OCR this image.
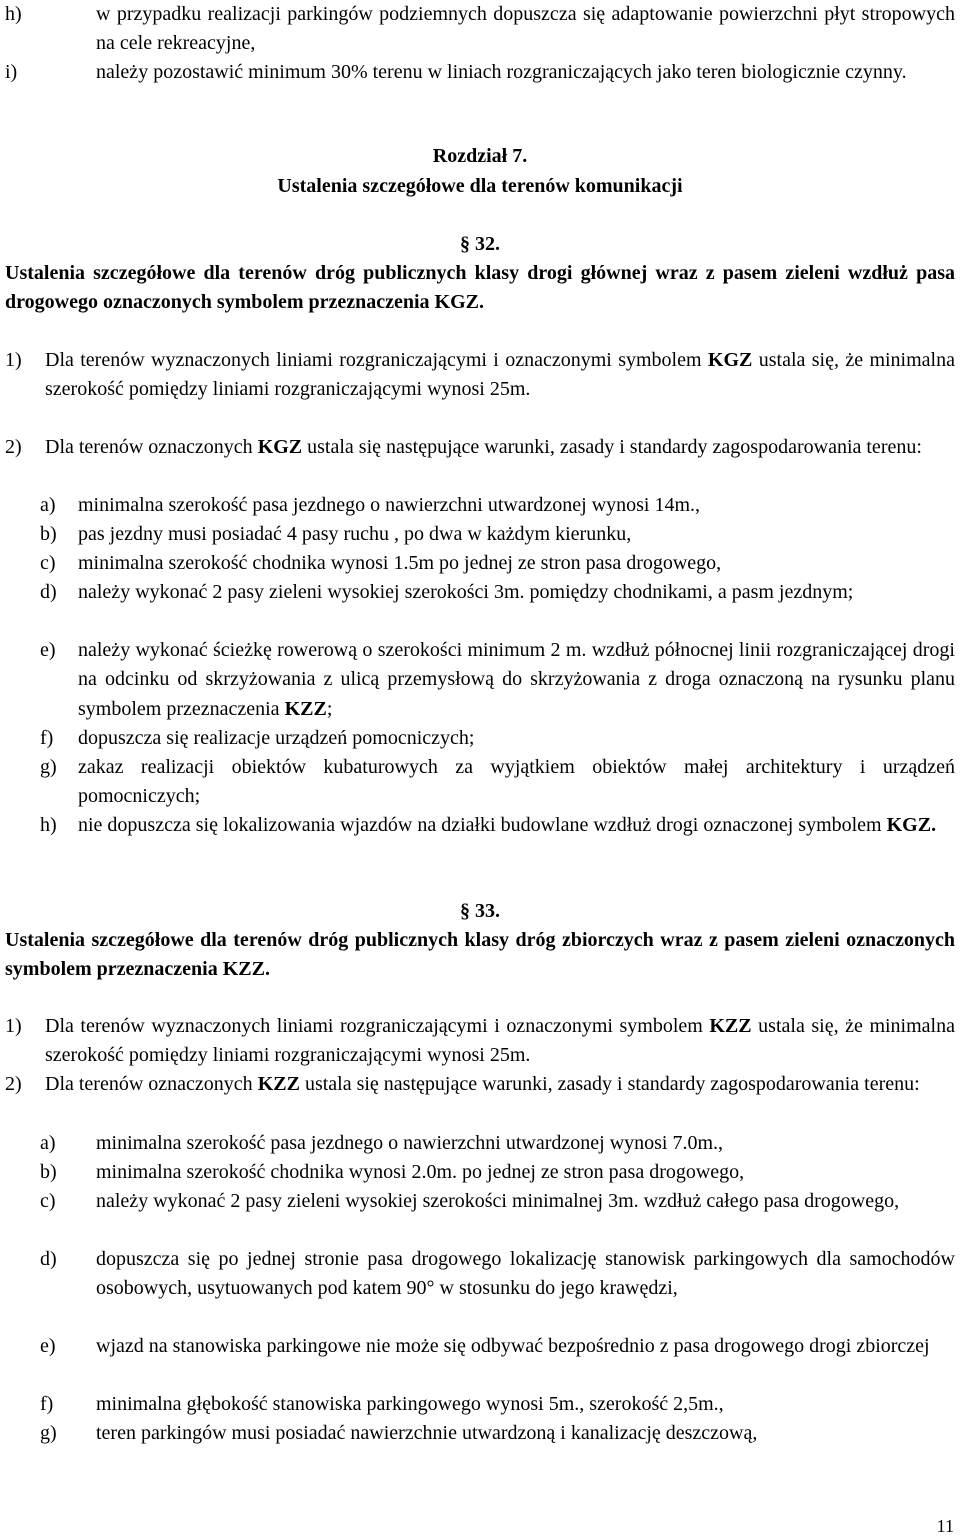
h)	w przypadku realizacji parkingów podziemnych dopuszcza się adaptowanie powierzchni płyt stropowych na cele rekreacyjne,
i)	należy pozostawić minimum 30% terenu w liniach rozgraniczających jako teren biologicznie czynny.
Rozdział 7.
Ustalenia szczegółowe dla terenów komunikacji
§ 32.
Ustalenia szczegółowe dla terenów dróg publicznych klasy drogi głównej wraz z pasem zieleni wzdłuż pasa drogowego oznaczonych symbolem przeznaczenia KGZ.
1)	Dla terenów wyznaczonych liniami rozgraniczającymi i oznaczonymi symbolem KGZ ustala się, że minimalna szerokość pomiędzy liniami rozgraniczającymi wynosi 25m.
2)	Dla terenów oznaczonych KGZ ustala się następujące warunki, zasady i standardy zagospodarowania terenu:
a)	minimalna szerokość pasa jezdnego o nawierzchni utwardzonej wynosi 14m.,
b)	pas jezdny musi posiadać 4 pasy ruchu , po dwa w każdym kierunku,
c)	minimalna szerokość chodnika wynosi 1.5m po jednej ze stron pasa drogowego,
d)	należy wykonać 2 pasy zieleni wysokiej szerokości 3m. pomiędzy chodnikami, a pasm jezdnym;
e)	należy wykonać ścieżkę rowerową o szerokości minimum 2 m. wzdłuż północnej linii rozgraniczającej drogi na odcinku od skrzyżowania z ulicą przemysłową do skrzyżowania z droga oznaczoną na rysunku planu symbolem przeznaczenia KZZ;
f)	dopuszcza się realizacje urządzeń pomocniczych;
g)	zakaz realizacji obiektów kubaturowych za wyjątkiem obiektów małej architektury i urządzeń pomocniczych;
h)	nie dopuszcza się lokalizowania wjazdów na działki budowlane wzdłuż drogi oznaczonej symbolem KGZ.
§ 33.
Ustalenia szczegółowe dla terenów dróg publicznych klasy dróg zbiorczych wraz z pasem zieleni oznaczonych symbolem przeznaczenia KZZ.
1)	Dla terenów wyznaczonych liniami rozgraniczającymi i oznaczonymi symbolem KZZ ustala się, że minimalna szerokość pomiędzy liniami rozgraniczającymi wynosi 25m.
2)	Dla terenów oznaczonych KZZ ustala się następujące warunki, zasady i standardy zagospodarowania terenu:
a)	minimalna szerokość pasa jezdnego o nawierzchni utwardzonej wynosi 7.0m.,
b)	minimalna szerokość chodnika wynosi 2.0m. po jednej ze stron pasa drogowego,
c)	należy wykonać 2 pasy zieleni wysokiej szerokości minimalnej 3m. wzdłuż całego pasa drogowego,
d)	dopuszcza się po jednej stronie pasa drogowego lokalizację stanowisk parkingowych dla samochodów osobowych, usytuowanych pod katem 90° w stosunku do jego krawędzi,
e)	wjazd na stanowiska parkingowe nie może się odbywać bezpośrednio z pasa drogowego drogi zbiorczej
f)	minimalna głębokość stanowiska parkingowego wynosi 5m., szerokość 2,5m.,
g)	teren parkingów musi posiadać nawierzchnie utwardzoną i kanalizację deszczową,
11
